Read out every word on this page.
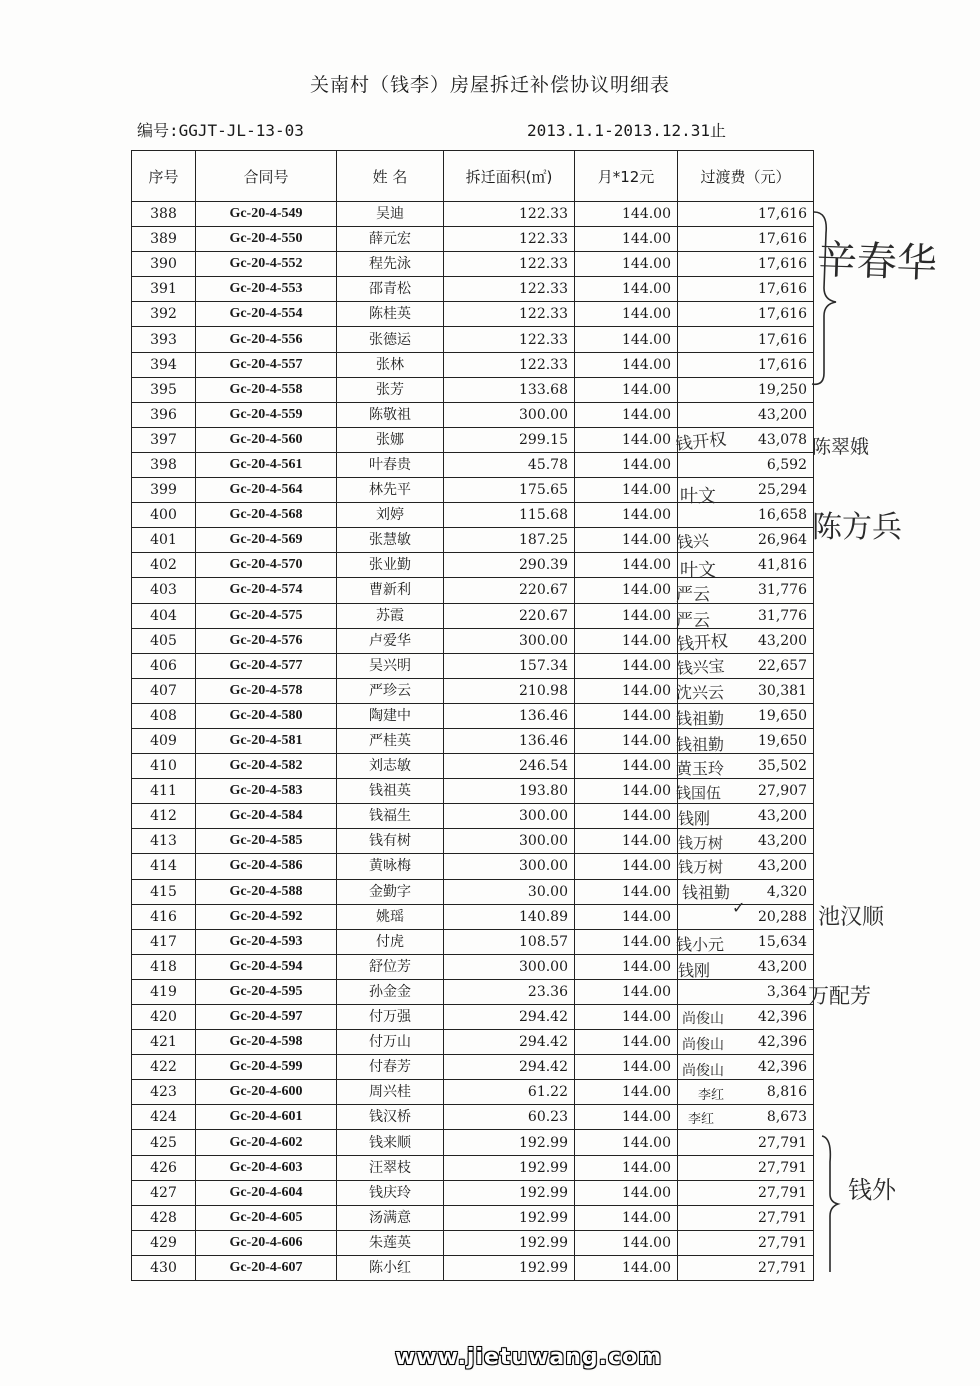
关南村（钱李）房屋拆迁补偿协议明细表
编号:GGJT-JL-13-03	2013.1.1-2013.12.31止
序号	合同号	姓 名	拆迁面积(㎡)	月*12元	过渡费（元）
388	Gc-20-4-549	吴迪	122.33	144.00	17,616
389	Gc-20-4-550	薛元宏	122.33	144.00	17,616
390	Gc-20-4-552	程先泳	122.33	144.00	17,616
391	Gc-20-4-553	邵青松	122.33	144.00	17,616
392	Gc-20-4-554	陈桂英	122.33	144.00	17,616
393	Gc-20-4-556	张德运	122.33	144.00	17,616
394	Gc-20-4-557	张林	122.33	144.00	17,616
395	Gc-20-4-558	张芳	133.68	144.00	19,250
396	Gc-20-4-559	陈敬祖	300.00	144.00	43,200
397	Gc-20-4-560	张娜	299.15	144.00	43,078
398	Gc-20-4-561	叶春贵	45.78	144.00	6,592
399	Gc-20-4-564	林先平	175.65	144.00	25,294
400	Gc-20-4-568	刘婷	115.68	144.00	16,658
401	Gc-20-4-569	张慧敏	187.25	144.00	26,964
402	Gc-20-4-570	张业勤	290.39	144.00	41,816
403	Gc-20-4-574	曹新利	220.67	144.00	31,776
404	Gc-20-4-575	苏霞	220.67	144.00	31,776
405	Gc-20-4-576	卢爱华	300.00	144.00	43,200
406	Gc-20-4-577	吴兴明	157.34	144.00	22,657
407	Gc-20-4-578	严珍云	210.98	144.00	30,381
408	Gc-20-4-580	陶建中	136.46	144.00	19,650
409	Gc-20-4-581	严桂英	136.46	144.00	19,650
410	Gc-20-4-582	刘志敏	246.54	144.00	35,502
411	Gc-20-4-583	钱祖英	193.80	144.00	27,907
412	Gc-20-4-584	钱福生	300.00	144.00	43,200
413	Gc-20-4-585	钱有树	300.00	144.00	43,200
414	Gc-20-4-586	黄咏梅	300.00	144.00	43,200
415	Gc-20-4-588	金勤字	30.00	144.00	4,320
416	Gc-20-4-592	姚瑶	140.89	144.00	20,288
417	Gc-20-4-593	付虎	108.57	144.00	15,634
418	Gc-20-4-594	舒位芳	300.00	144.00	43,200
419	Gc-20-4-595	孙金金	23.36	144.00	3,364
420	Gc-20-4-597	付万强	294.42	144.00	42,396
421	Gc-20-4-598	付万山	294.42	144.00	42,396
422	Gc-20-4-599	付春芳	294.42	144.00	42,396
423	Gc-20-4-600	周兴桂	61.22	144.00	8,816
424	Gc-20-4-601	钱汉桥	60.23	144.00	8,673
425	Gc-20-4-602	钱来顺	192.99	144.00	27,791
426	Gc-20-4-603	汪翠枝	192.99	144.00	27,791
427	Gc-20-4-604	钱庆玲	192.99	144.00	27,791
428	Gc-20-4-605	汤满意	192.99	144.00	27,791
429	Gc-20-4-606	朱莲英	192.99	144.00	27,791
430	Gc-20-4-607	陈小红	192.99	144.00	27,791
辛春华
钱开权	陈翠娥
叶文
陈方兵
钱兴
叶文
严云
严云
钱开权
钱兴宝
沈兴云
钱祖勤
钱祖勤
黄玉玲
钱国伍
钱刚
钱万树
钱万树
钱祖勤
✓	池汉顺
钱小元
钱刚
万配芳
尚俊山
尚俊山
尚俊山
李红
李红
钱外
www.jietuwang.com
